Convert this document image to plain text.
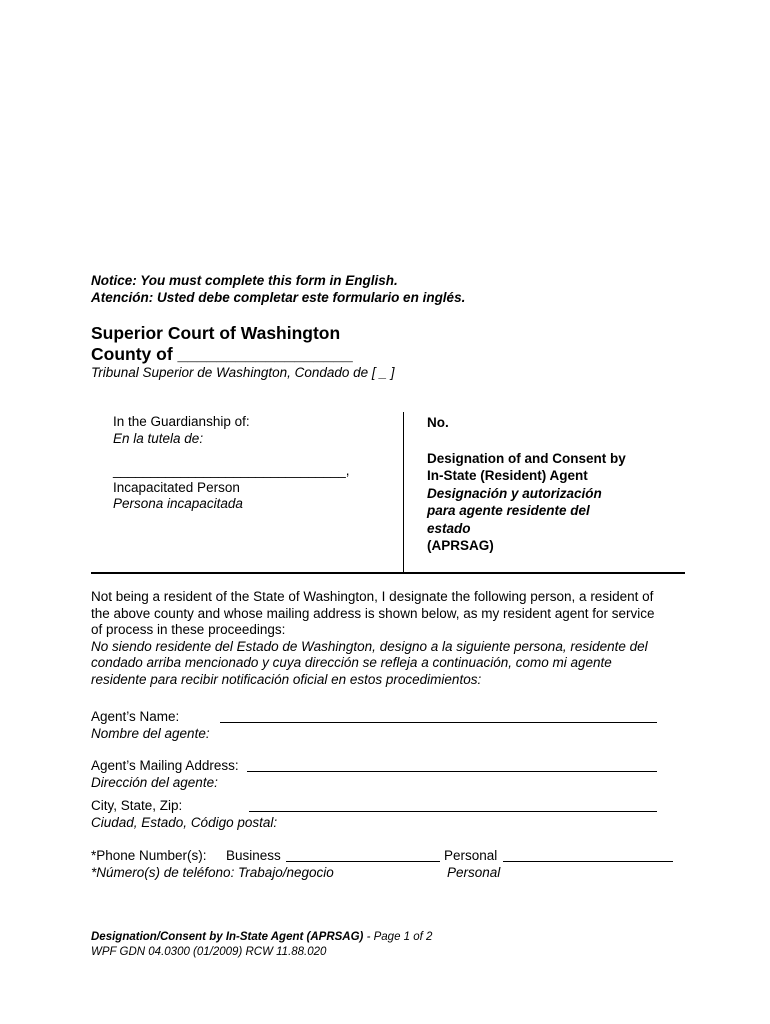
Notice: You must complete this form in English.
Atención: Usted debe completar este formulario en inglés.
Superior Court of Washington
County of __________________
Tribunal Superior de Washington, Condado de [ _ ]
In the Guardianship of:
En la tutela de:
_______________________________,
Incapacitated Person
Persona incapacitada
No.
Designation of and Consent by
In-State (Resident) Agent
Designación y autorización
para agente residente del
estado
(APRSAG)
Not being a resident of the State of Washington, I designate the following person, a resident of
the above county and whose mailing address is shown below, as my resident agent for service
of process in these proceedings:
No siendo residente del Estado de Washington, designo a la siguiente persona, residente del
condado arriba mencionado y cuya dirección se refleja a continuación, como mi agente
residente para recibir notificación oficial en estos procedimientos:
Agent’s Name:
Nombre del agente:
Agent’s Mailing Address:
Dirección del agente:
City, State, Zip:
Ciudad, Estado, Código postal:
*Phone Number(s):
*Número(s) de teléfono:
Business
Trabajo/negocio
Personal
Personal
Designation/Consent by In-State Agent (APRSAG) - Page 1 of 2
WPF GDN 04.0300 (01/2009) RCW 11.88.020
